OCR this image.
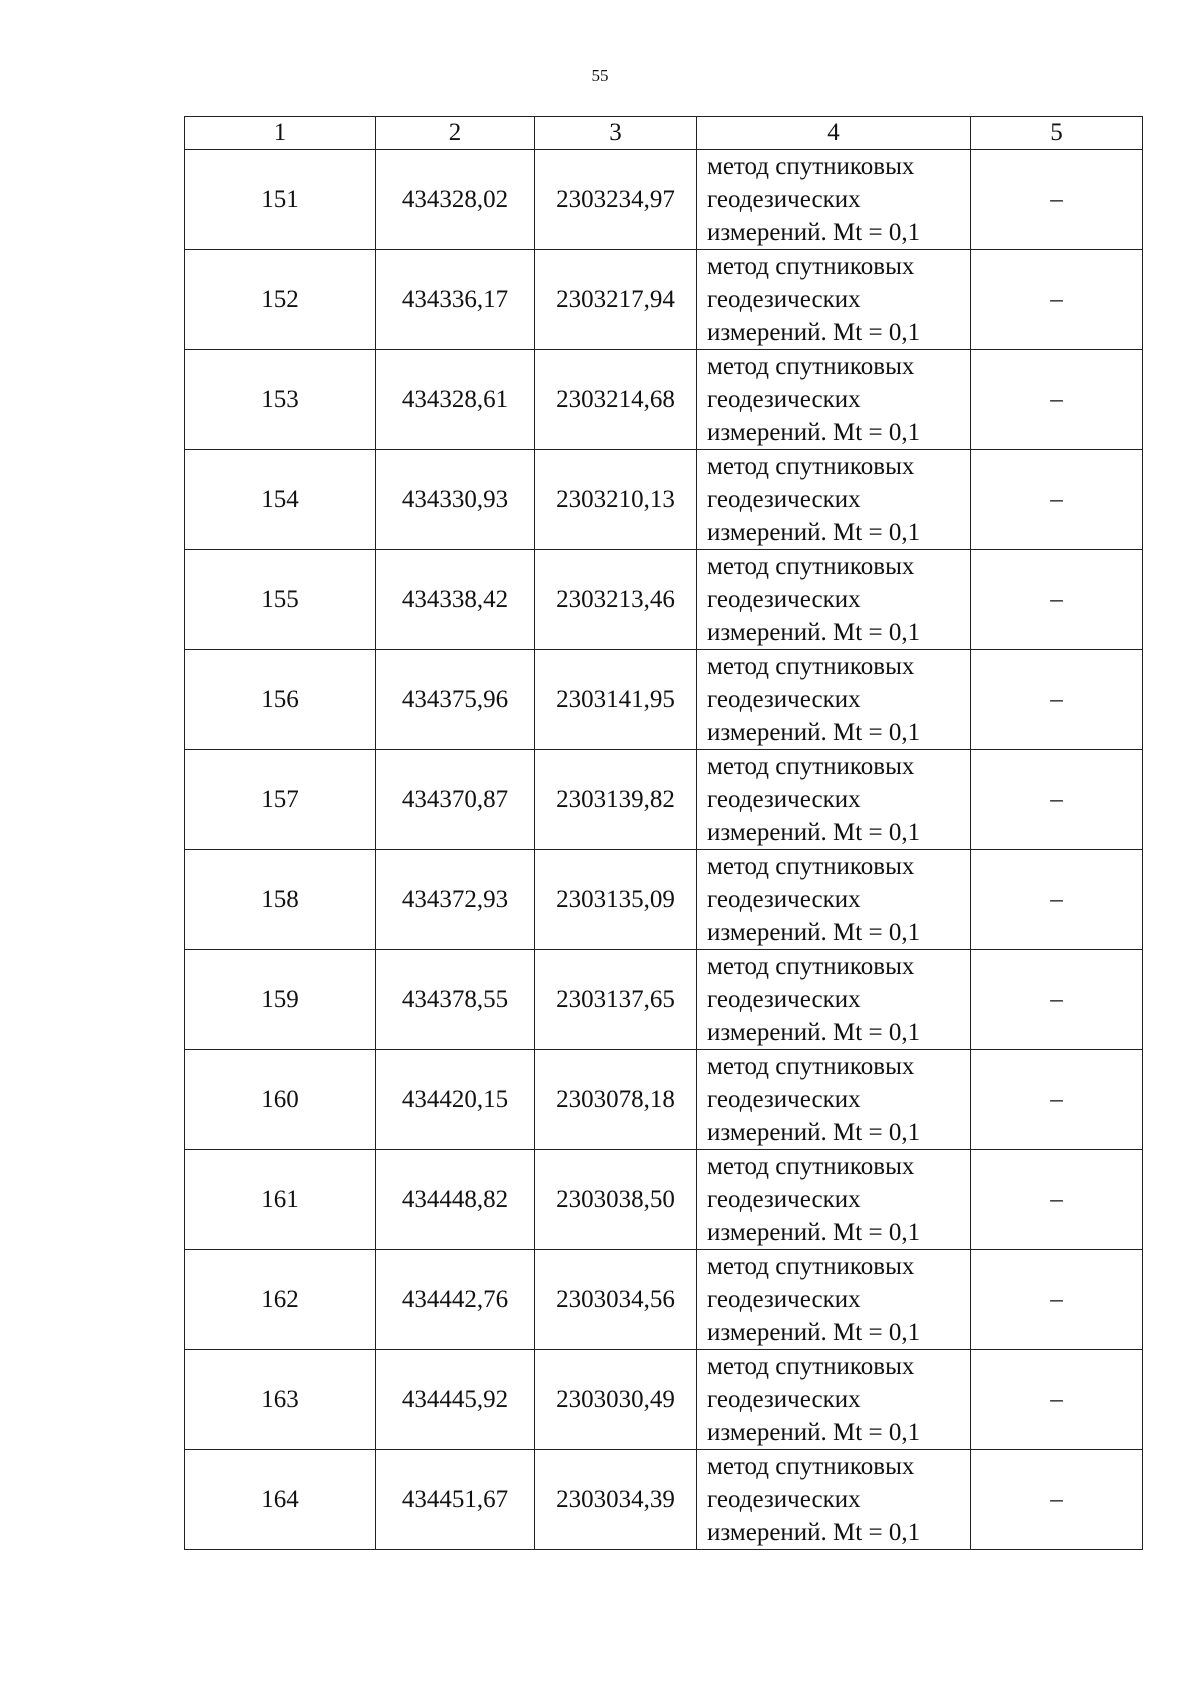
55
1	2	3	4	5
151	434328,02	2303234,97	метод спутниковых
геодезических
измерений. Mt = 0,1	–
152	434336,17	2303217,94	метод спутниковых
геодезических
измерений. Mt = 0,1	–
153	434328,61	2303214,68	метод спутниковых
геодезических
измерений. Mt = 0,1	–
154	434330,93	2303210,13	метод спутниковых
геодезических
измерений. Mt = 0,1	–
155	434338,42	2303213,46	метод спутниковых
геодезических
измерений. Mt = 0,1	–
156	434375,96	2303141,95	метод спутниковых
геодезических
измерений. Mt = 0,1	–
157	434370,87	2303139,82	метод спутниковых
геодезических
измерений. Mt = 0,1	–
158	434372,93	2303135,09	метод спутниковых
геодезических
измерений. Mt = 0,1	–
159	434378,55	2303137,65	метод спутниковых
геодезических
измерений. Mt = 0,1	–
160	434420,15	2303078,18	метод спутниковых
геодезических
измерений. Mt = 0,1	–
161	434448,82	2303038,50	метод спутниковых
геодезических
измерений. Mt = 0,1	–
162	434442,76	2303034,56	метод спутниковых
геодезических
измерений. Mt = 0,1	–
163	434445,92	2303030,49	метод спутниковых
геодезических
измерений. Mt = 0,1	–
164	434451,67	2303034,39	метод спутниковых
геодезических
измерений. Mt = 0,1	–
